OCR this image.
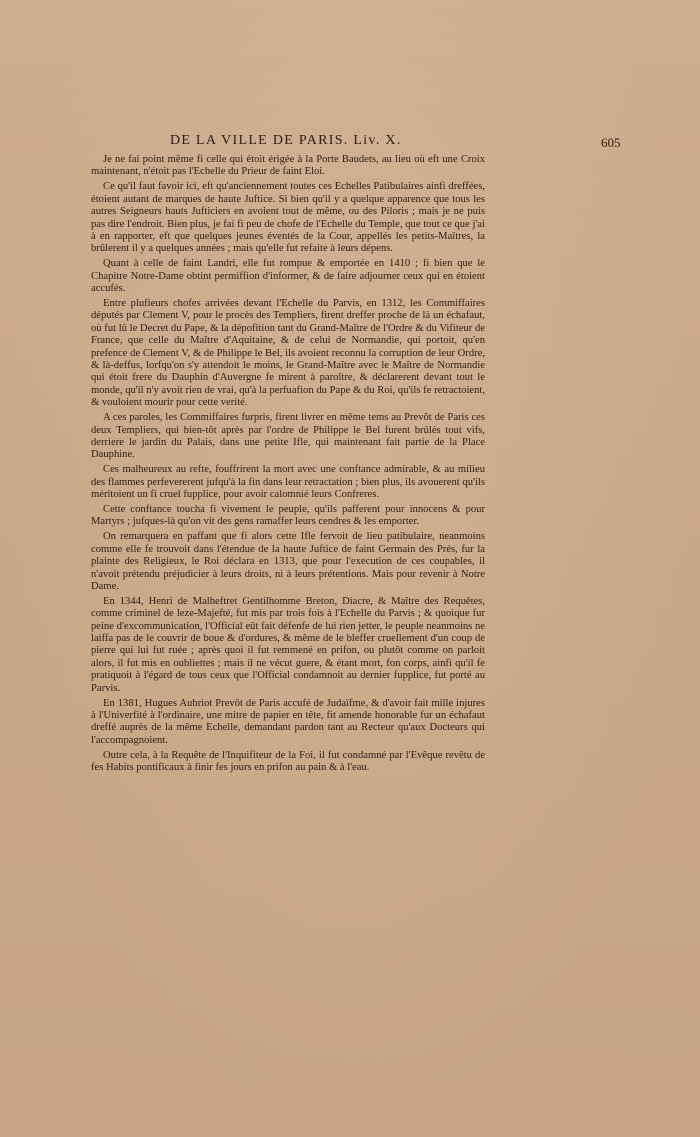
DE LA VILLE DE PARIS. Liv. X.	605

Je ne fai point même fi celle qui étoit érigée à la Porte Baudets, au lieu où eft une Croix maintenant, n'étoit pas l'Echelle du Prieur de faint Eloi.

Ce qu'il faut favoir ici, eft qu'anciennement toutes ces Echelles Patibulaires ainfi dreffées, étoient autant de marques de haute Juftice. Si bien qu'il y a quelque apparence que tous les autres Seigneurs hauts Jufticiers en avoient tout de même, ou des Piloris ; mais je ne puis pas dire l'endroit. Bien plus, je fai fi peu de chofe de l'Echelle du Temple, que tout ce que j'ai à en rapporter, eft que quelques jeunes éventés de la Cour, appellés les petits-Maîtres, la brûlerent il y a quelques années ; mais qu'elle fut refaite à leurs dépens.

Quant à celle de faint Landri, elle fut rompue & emportée en 1410 ; fi bien que le Chapitre Notre-Dame obtint permiffion d'informer, & de faire adjourner ceux qui en étoient accufés.

Entre plufieurs chofes arrivées devant l'Echelle du Parvis, en 1312, les Commiffaires députés par Clement V, pour le procès des Templiers, firent dreffer proche de là un échafaut, où fut lû le Decret du Pape, & la dépofition tant du Grand-Maître de l'Ordre & du Vifiteur de France, que celle du Maître d'Aquitaine, & de celui de Normandie, qui portoit, qu'en prefence de Clement V, & de Philippe le Bel, ils avoient reconnu la corruption de leur Ordre, & là-deffus, lorfqu'on s'y attendoit le moins, le Grand-Maître avec le Maître de Normandie qui étoit frere du Dauphin d'Auvergne fe mirent à paroître, & déclarerent devant tout le monde, qu'il n'y avoit rien de vrai, qu'à la perfuafion du Pape & du Roi, qu'ils fe retractoient, & vouloient mourir pour cette verité.

A ces paroles, les Commiffaires furpris, firent livrer en même tems au Prevôt de Paris ces deux Templiers, qui bien-tôt après par l'ordre de Philippe le Bel furent brûlés tout vifs, derriere le jardin du Palais, dans une petite Ifle, qui maintenant fait partie de la Place Dauphine.

Ces malheureux au refte, fouffrirent la mort avec une conftance admirable, & au milieu des flammes perfevererent jufqu'à la fin dans leur retractation ; bien plus, ils avouerent qu'ils méritoient un fi cruel fupplice, pour avoir calomnié leurs Confreres.

Cette conftance toucha fi vivement le peuple, qu'ils pafferent pour innocens & pour Martyrs ; jufques-là qu'on vit des gens ramaffer leurs cendres & les emporter.

On remarquera en paffant que fi alors cette Ifle fervoit de lieu patibulaire, neanmoins comme elle fe trouvoit dans l'étendue de la haute Juftice de faint Germain des Prés, fur la plainte des Religieux, le Roi déclara en 1313, que pour l'execution de ces coupables, il n'avoit prétendu préjudicier à leurs droits, ni à leurs prétentions. Mais pour revenir à Notre Dame.

En 1344, Henri de Malheftret Gentilhomme Breton, Diacre, & Maître des Requêtes, comme criminel de leze-Majefté, fut mis par trois fois à l'Echelle du Parvis ; & quoique fur peine d'excommunication, l'Official eût fait défenfe de lui rien jetter, le peuple neanmoins ne laiffa pas de le couvrir de boue & d'ordures, & même de le bleffer cruellement d'un coup de pierre qui lui fut ruée ; après quoi il fut remmené en prifon, ou plutôt comme on parloit alors, il fut mis en oubliettes ; mais il ne vécut guere, & étant mort, fon corps, ainfi qu'il fe pratiquoit à l'égard de tous ceux que l'Official condamnoit au dernier fupplice, fut porté au Parvis.

En 1381, Hugues Aubriot Prevôt de Paris accufé de Judaïfme, & d'avoir fait mille injures à l'Univerfité à l'ordinaire, une mitre de papier en tête, fit amende honorable fur un échafaut dreffé auprès de la même Echelle, demandant pardon tant au Recteur qu'aux Docteurs qui l'accompagnoient.

Outre cela, à la Requête de l'Inquifiteur de la Foi, il fut condamné par l'Evêque revêtu de fes Habits pontificaux à finir fes jours en prifon au pain & à l'eau.
